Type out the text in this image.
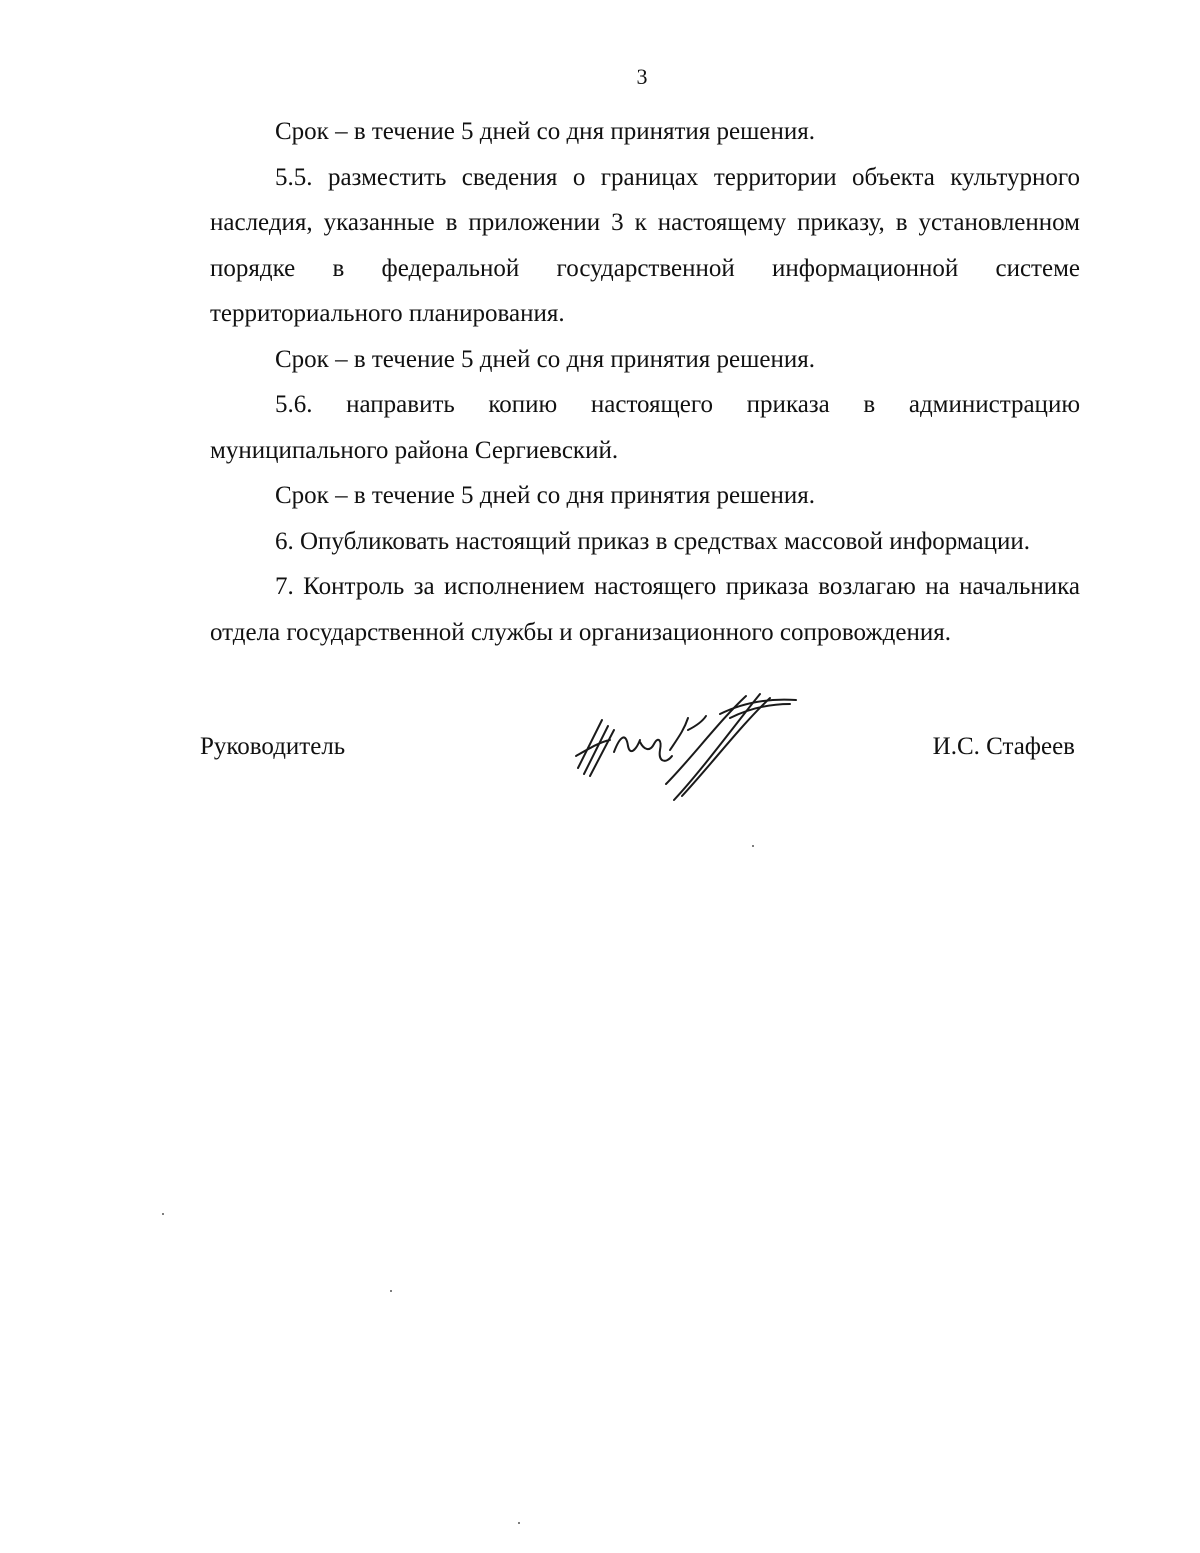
3

Срок – в течение 5 дней со дня принятия решения.

5.5. разместить сведения о границах территории объекта культурного наследия, указанные в приложении 3 к настоящему приказу, в установленном порядке в федеральной государственной информационной системе территориального планирования.

Срок – в течение 5 дней со дня принятия решения.

5.6. направить копию настоящего приказа в администрацию муниципального района Сергиевский.

Срок – в течение 5 дней со дня принятия решения.

6. Опубликовать настоящий приказ в средствах массовой информации.

7. Контроль за исполнением настоящего приказа возлагаю на начальника отдела государственной службы и организационного сопровождения.

Руководитель	И.С. Стафеев
